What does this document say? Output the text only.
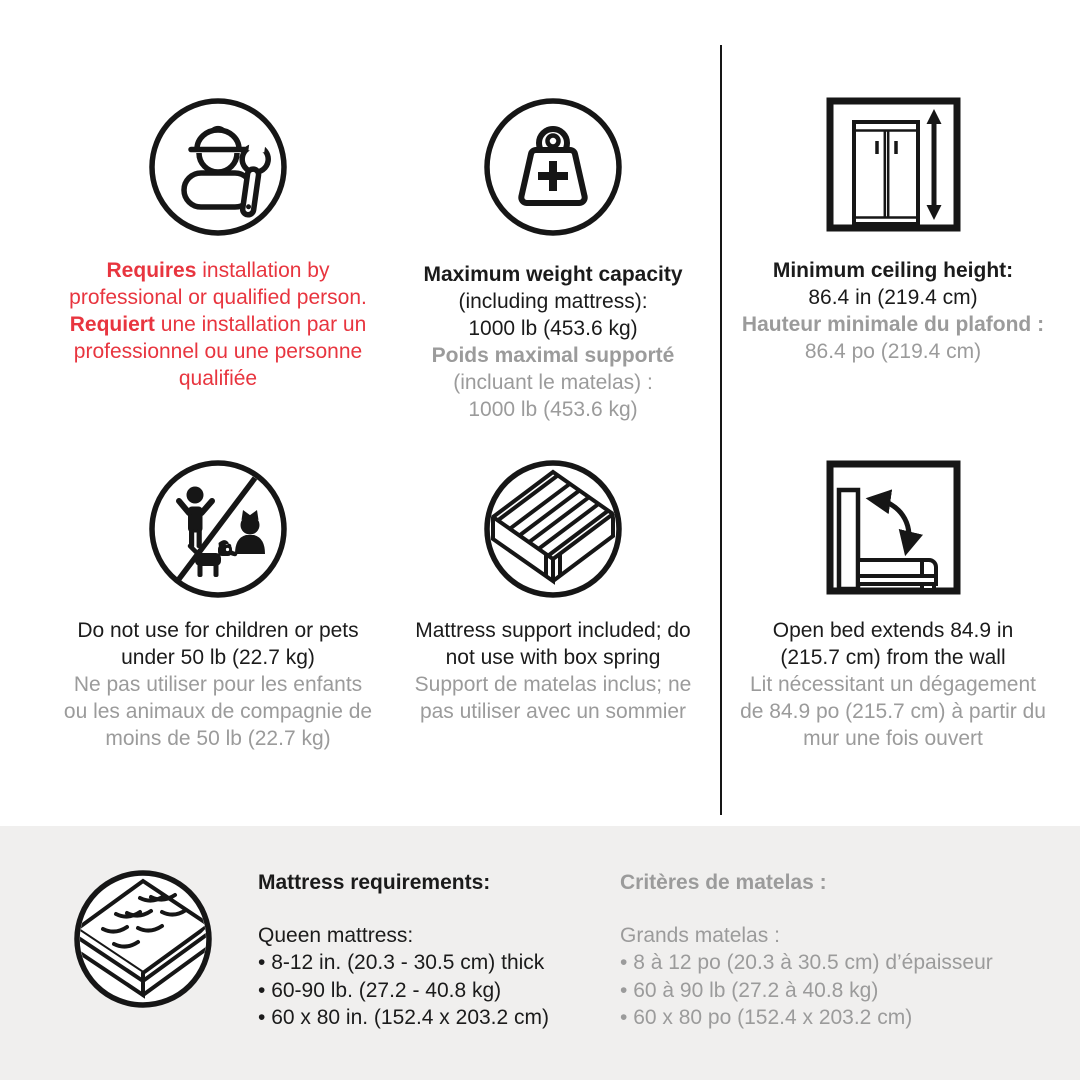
Requires installation by
professional or qualified person.
Requiert une installation par un
professionnel ou une personne
qualifiée
Maximum weight capacity
(including mattress):
1000 lb (453.6 kg)
Poids maximal supporté
(incluant le matelas) :
1000 lb (453.6 kg)
Minimum ceiling height:
86.4 in (219.4 cm)
Hauteur minimale du plafond :
86.4 po (219.4 cm)
Do not use for children or pets
under 50 lb (22.7 kg)
Ne pas utiliser pour les enfants
ou les animaux de compagnie de
moins de 50 lb (22.7 kg)
Mattress support included; do
not use with box spring
Support de matelas inclus; ne
pas utiliser avec un sommier
Open bed extends 84.9 in
(215.7 cm) from the wall
Lit nécessitant un dégagement
de 84.9 po (215.7 cm) à partir du
mur une fois ouvert

Mattress requirements:

Queen mattress:
• 8-12 in. (20.3 - 30.5 cm) thick
• 60-90 lb. (27.2 - 40.8 kg)
• 60 x 80 in. (152.4 x 203.2 cm)

Critères de matelas :

Grands matelas :
• 8 à 12 po (20.3 à 30.5 cm) d’épaisseur
• 60 à 90 lb (27.2 à 40.8 kg)
• 60 x 80 po (152.4 x 203.2 cm)
